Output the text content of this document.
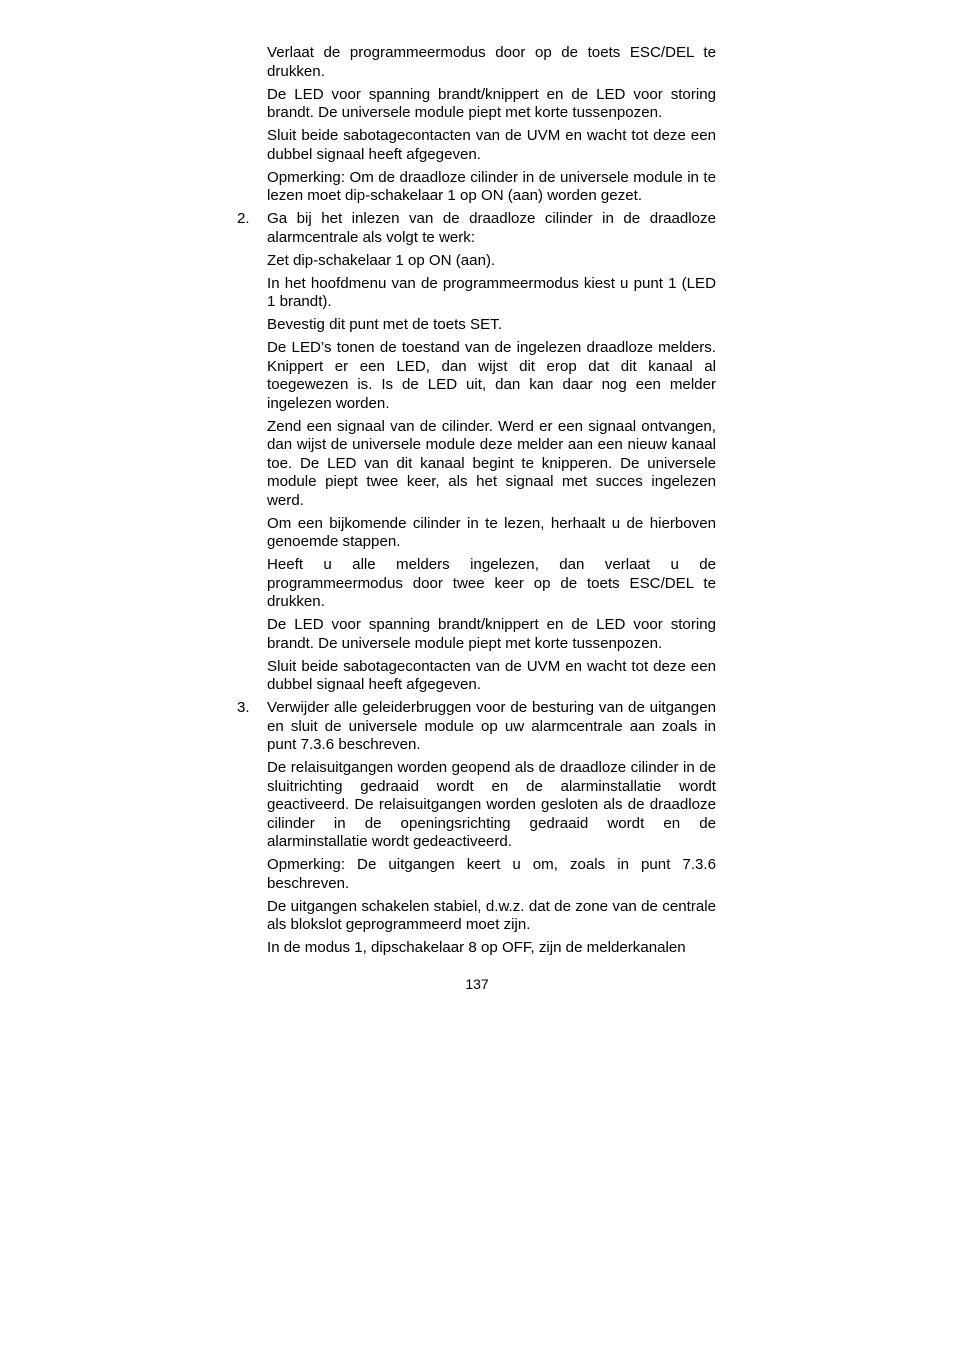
Verlaat de programmeermodus door op de toets ESC/DEL te drukken.

De LED voor spanning brandt/knippert en de LED voor storing brandt. De universele module piept met korte tussenpozen.

Sluit beide sabotagecontacten van de UVM en wacht tot deze een dubbel signaal heeft afgegeven.

Opmerking: Om de draadloze cilinder in de universele module in te lezen moet dip-schakelaar 1 op ON (aan) worden gezet.

2. Ga bij het inlezen van de draadloze cilinder in de draadloze alarmcentrale als volgt te werk:

Zet dip-schakelaar 1 op ON (aan).

In het hoofdmenu van de programmeermodus kiest u punt 1 (LED 1 brandt).

Bevestig dit punt met de toets SET.

De LED’s tonen de toestand van de ingelezen draadloze melders. Knippert er een LED, dan wijst dit erop dat dit kanaal al toegewezen is. Is de LED uit, dan kan daar nog een melder ingelezen worden.

Zend een signaal van de cilinder. Werd er een signaal ontvangen, dan wijst de universele module deze melder aan een nieuw kanaal toe. De LED van dit kanaal begint te knipperen. De universele module piept twee keer, als het signaal met succes ingelezen werd.

Om een bijkomende cilinder in te lezen, herhaalt u de hierboven genoemde stappen.

Heeft u alle melders ingelezen, dan verlaat u de programmeermodus door twee keer op de toets ESC/DEL te drukken.

De LED voor spanning brandt/knippert en de LED voor storing brandt. De universele module piept met korte tussenpozen.

Sluit beide sabotagecontacten van de UVM en wacht tot deze een dubbel signaal heeft afgegeven.

3. Verwijder alle geleiderbruggen voor de besturing van de uitgangen en sluit de universele module op uw alarmcentrale aan zoals in punt 7.3.6 beschreven.

De relaisuitgangen worden geopend als de draadloze cilinder in de sluitrichting gedraaid wordt en de alarminstallatie wordt geactiveerd. De relaisuitgangen worden gesloten als de draadloze cilinder in de openingsrichting gedraaid wordt en de alarminstallatie wordt gedeactiveerd.

Opmerking: De uitgangen keert u om, zoals in punt 7.3.6 beschreven.

De uitgangen schakelen stabiel, d.w.z. dat de zone van de centrale als blokslot geprogrammeerd moet zijn.

In de modus 1, dipschakelaar 8 op OFF, zijn de melderkanalen

137
